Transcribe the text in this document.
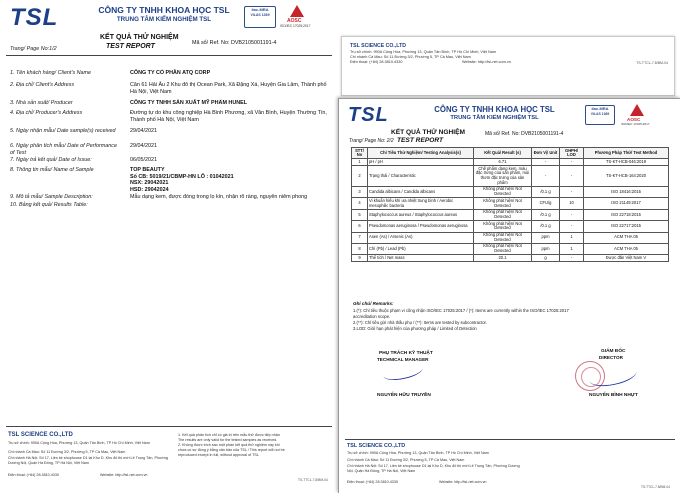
TSL SCIENCE CO.,LTD
Trụ sở chính: 990A Cộng Hòa, Phường 13, Quận Tân Bình, TP Hồ Chí Minh, Việt Nam
Chi nhánh Cà Mau: Số 11 Đường 3/2, Phường 5, TP Cà Mau, Việt Nam
Điện thoại: (+84) 28.3810.4330	Website: http://tsl-net.com.vn	TS-TTCL-7.8/BM-04
TSL	CÔNG TY TNHH KHOA HỌC TSL
TRUNG TÂM KIỂM NGHIỆM TSL
ilac-MRA
VILAS 1369
AOSC
ISO/IEC 17025:2017
KẾT QUẢ THỬ NGHIỆM
TEST REPORT	Mã số/ Ref. No: DVB2105001191-4
Trang/ Page No:1/2
1. Tên khách hàng/ Client's Name	CÔNG TY CỔ PHẦN ATQ CORP
2. Địa chỉ/ Client's Address	Căn 61 Hải Âu 2 Khu đô thị Ocean Park, Xã Đặng Xá, Huyện Gia Lâm, Thành phố Hà Nội, Việt Nam
3. Nhà sản xuất/ Producer	CÔNG TY TNHH SẢN XUẤT MỸ PHẨM HUNEL
4. Địa chỉ/ Producer's Address	Đường tự do khu công nghiệp Hà Bình Phương, xã Văn Bình, Huyện Thường Tín, Thành phố Hà Nội, Việt Nam
5. Ngày nhận mẫu/ Date sample(s) received	29/04/2021
6. Ngày phân tích mẫu/ Date of Performance of Test
29/04/2021
7. Ngày trả kết quả/ Date of Issue:	06/05/2021
8. Thông tin mẫu/ Name of Sample	TOP BEAUTY
Số CB: 5019/21/CBMP-HN LÔ : 01042021
NSX: 29042021
HSD: 29042024
9. Mô tả mẫu/ Sample Description:	Mẫu dạng kem, được đóng trong lọ kín, nhận rõ ràng, nguyên niêm phong
10. Bảng kết quả/ Results Table:
TSL SCIENCE CO.,LTD
Trụ sở chính: 990A Cộng Hòa, Phường 13, Quận Tân Bình, TP Hồ Chí Minh, Việt Nam
Chi nhánh Cà Mau: Số 11 Đường 3/2, Phường 5, TP Cà Mau, Việt Nam
Chi nhánh Hà Nội: Số 17, Liền kề shophouse D1 lại Khu D, Khu đô thị mới Lê Trọng Tấn, Phường Dương Nội, Quận Hà Đông, TP Hà Nội, Việt Nam
Điện thoại: (+84) 28.3810.4330	Website: http://tsl-net.com.vn
1. Kết quả phân tích chỉ có giá trị trên mẫu thử được tiếp nhận
The results are only valid for the tested samples as received.
2. Không được trích sao một phần kết quả thử nghiệm này khi
chưa có sự đồng ý bằng văn bản của TSL / This report will not be
reproduced except in full, without approval of TSL
TS-TTCL-7.8/BM-04
TSL	CÔNG TY TNHH KHOA HỌC TSL
TRUNG TÂM KIỂM NGHIỆM TSL
ilac-MRA
VILAS 1369
AOSC
ISO/IEC 17025:2017
KẾT QUẢ THỬ NGHIỆM
TEST REPORT
Mã số/ Ref. No: DVB2105001191-4
Trang/ Page No: 2/2
STT/ No	Chỉ Tiêu Thử Nghiệm/ Testing Analysis(s)	Kết Quả/ Result (s)	Đơn Vị/ Unit	GHPH/ LOD	Phương Pháp Thử/ Test Method
1	pH / pH	6.71	-	-	TS-KT-HCB-046:2019
2	Trạng thái / Characteristic	Chế phẩm dạng kem, màu đặc trưng của sản phẩm, mùi thơm đặc trưng của sản phẩm	-	-	TS-KT-HCB-164:2020
3	Candida albicans / Candida albicans	Không phát hiện/ Not Detected	/0.1 g	-	ISO 18416:2015
4	Vi khuẩn hiếu khí ưa nhiệt trung bình / Aerobic mesophilic bacteria	Không phát hiện/ Not Detected	CFU/g	10	ISO 21149:2017
5	Staphylococcus aureus / Staphylococcus aureus	Không phát hiện/ Not Detected	/0.1 g	-	ISO 22718:2015
6	Pseudomonas aeruginosa / Pseudomonas aeruginosa	Không phát hiện/ Not Detected	/0.1 g	-	ISO 22717:2015
7	Asen (As) / Arsenic (As)	Không phát hiện/ Not Detected	ppm	1	ACM THA 05
8	Chì (Pb) / Lead (Pb)	Không phát hiện/ Not Detected	ppm	1	ACM THA 05
9	Thể tích / Net mass	20.1	g	-	Được đăn Việt Nam V
Ghi chú/ Remarks:
1.(*): Chỉ tiêu thuộc phạm vi công nhận ISO/IEC 17025:2017 / (*): Items are currently within the ISO/IEC 17025:2017
accreditation scope.
2.(**): Chỉ tiêu gửi nhà thầu phụ / (**): Items are tested by subcontractor.
3.LOD: Giới hạn phát hiện của phương pháp / Limited of Detection
PHỤ TRÁCH KỸ THUẬT
TECHNICAL MANAGER
NGUYỄN HỮU TRUYỀN
GIÁM ĐỐC
DIRECTOR
NGUYỄN BÌNH NHỰT
TSL SCIENCE CO.,LTD
Trụ sở chính: 990A Cộng Hòa, Phường 13, Quận Tân Bình, TP Hồ Chí Minh, Việt Nam
Chi nhánh Cà Mau: Số 11 Đường 3/2, Phường 5, TP Cà Mau, Việt Nam
Chi nhánh Hà Nội: Số 17, Liền kề shophouse D1 lại Khu D, Khu đô thị mới Lê Trọng Tấn, Phường Dương Nội, Quận Hà Đông, TP Hà Nội, Việt Nam
Điện thoại: (+84) 28.3810.4330	Website: http://tsl-net.com.vn
TS-TTCL-7.8/BM-04
